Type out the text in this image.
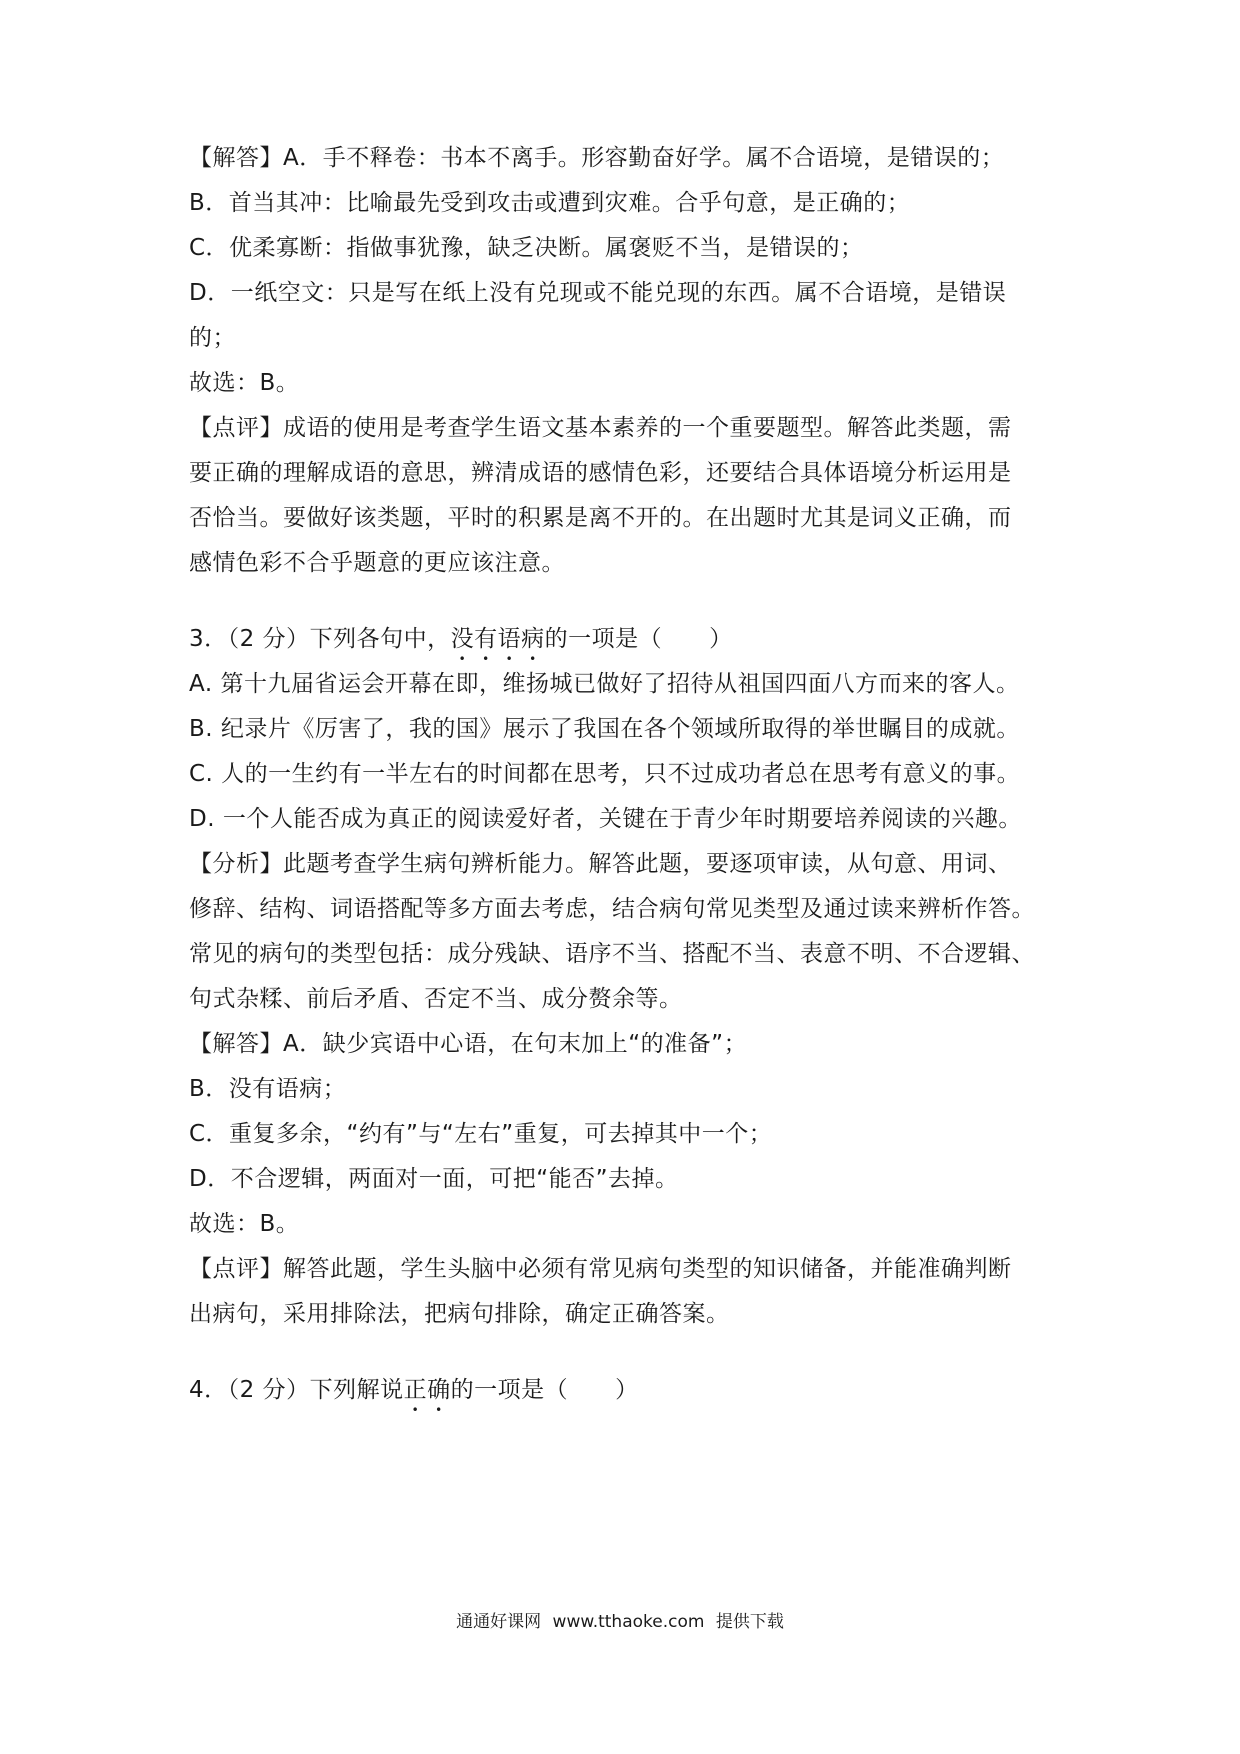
【解答】A．手不释卷：书本不离手。形容勤奋好学。属不合语境，是错误的；
B．首当其冲：比喻最先受到攻击或遭到灾难。合乎句意，是正确的；
C．优柔寡断：指做事犹豫，缺乏决断。属褒贬不当，是错误的；
D．一纸空文：只是写在纸上没有兑现或不能兑现的东西。属不合语境，是错误
的；
故选：B。
【点评】成语的使用是考查学生语文基本素养的一个重要题型。解答此类题，需
要正确的理解成语的意思，辨清成语的感情色彩，还要结合具体语境分析运用是
否恰当。要做好该类题，平时的积累是离不开的。在出题时尤其是词义正确，而
感情色彩不合乎题意的更应该注意。
3．（2 分）下列各句中，没有语病的一项是（　　）
A. 第十九届省运会开幕在即，维扬城已做好了招待从祖国四面八方而来的客人。
B. 纪录片《厉害了，我的国》展示了我国在各个领域所取得的举世瞩目的成就。
C. 人的一生约有一半左右的时间都在思考，只不过成功者总在思考有意义的事。
D. 一个人能否成为真正的阅读爱好者，关键在于青少年时期要培养阅读的兴趣。
【分析】此题考查学生病句辨析能力。解答此题，要逐项审读，从句意、用词、
修辞、结构、词语搭配等多方面去考虑，结合病句常见类型及通过读来辨析作答。
常见的病句的类型包括：成分残缺、语序不当、搭配不当、表意不明、不合逻辑、
句式杂糅、前后矛盾、否定不当、成分赘余等。
【解答】A．缺少宾语中心语，在句末加上“的准备”；
B．没有语病；
C．重复多余，“约有”与“左右”重复，可去掉其中一个；
D．不合逻辑，两面对一面，可把“能否”去掉。
故选：B。
【点评】解答此题，学生头脑中必须有常见病句类型的知识储备，并能准确判断
出病句，采用排除法，把病句排除，确定正确答案。
4．（2 分）下列解说正确的一项是（　　）
通通好课网 www.tthaoke.com 提供下载
